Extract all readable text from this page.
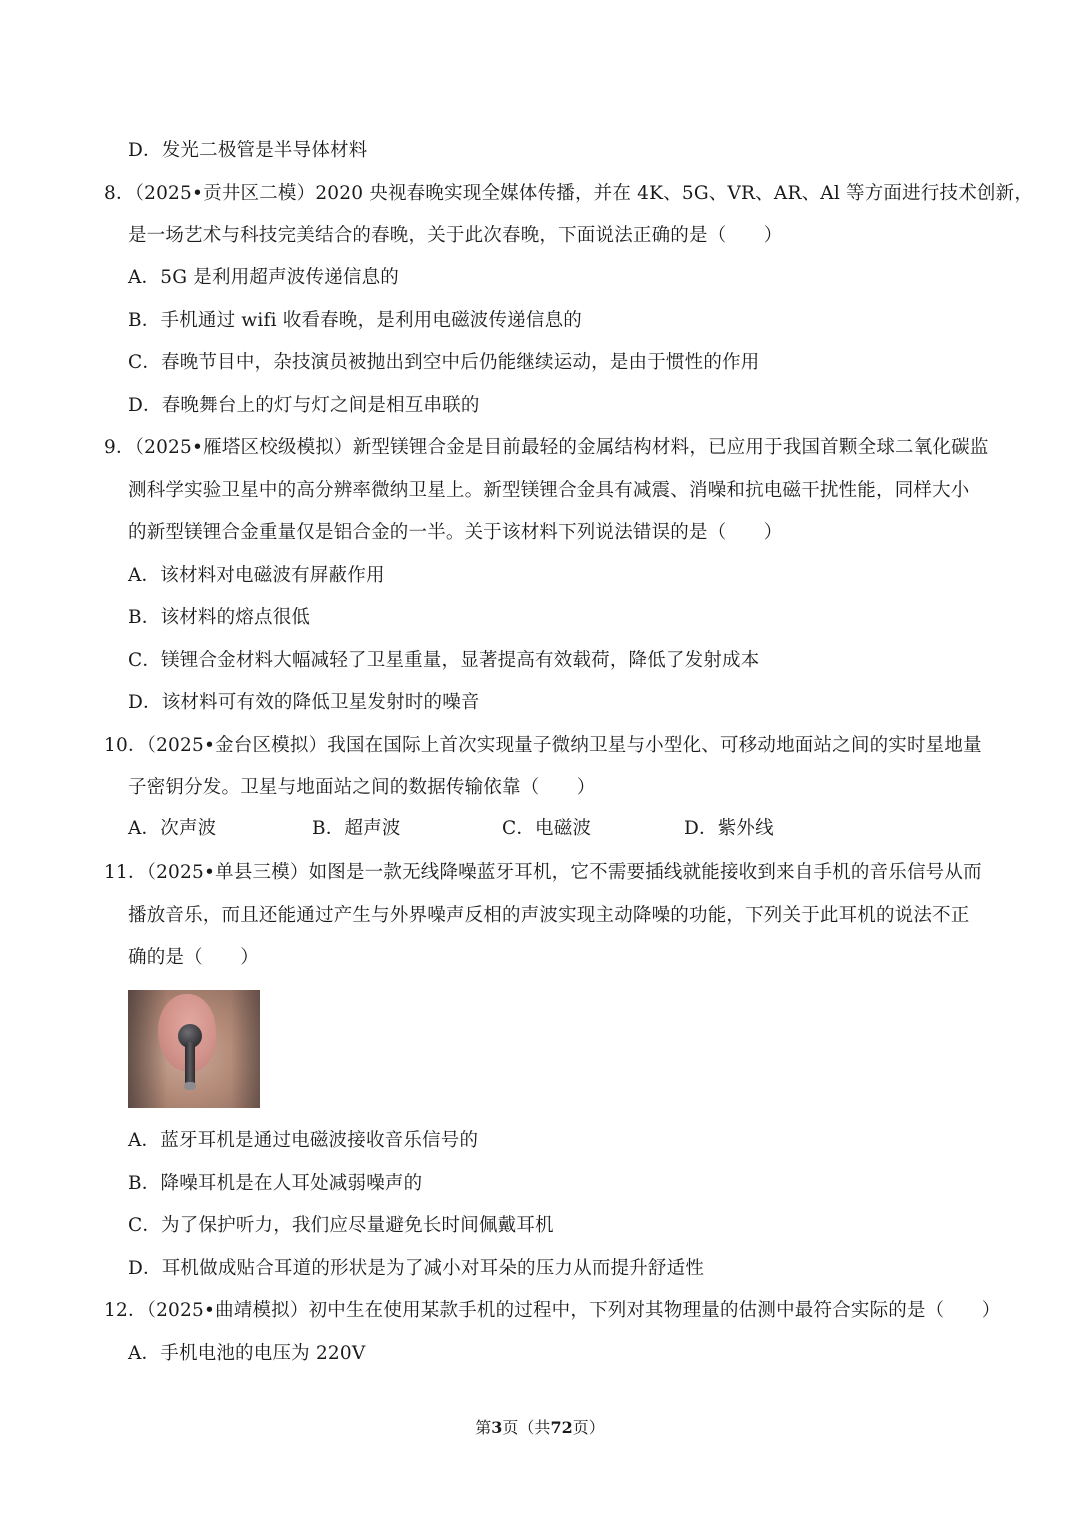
D．发光二极管是半导体材料
8．（2025•贡井区二模）2020 央视春晚实现全媒体传播，并在 4K、5G、VR、AR、Al 等方面进行技术创新，
是一场艺术与科技完美结合的春晚，关于此次春晚，下面说法正确的是（　　）
A．5G 是利用超声波传递信息的
B．手机通过 wifi 收看春晚，是利用电磁波传递信息的
C．春晚节目中，杂技演员被抛出到空中后仍能继续运动，是由于惯性的作用
D．春晚舞台上的灯与灯之间是相互串联的
9．（2025•雁塔区校级模拟）新型镁锂合金是目前最轻的金属结构材料，已应用于我国首颗全球二氧化碳监
测科学实验卫星中的高分辨率微纳卫星上。新型镁锂合金具有减震、消噪和抗电磁干扰性能，同样大小
的新型镁锂合金重量仅是铝合金的一半。关于该材料下列说法错误的是（　　）
A．该材料对电磁波有屏蔽作用
B．该材料的熔点很低
C．镁锂合金材料大幅减轻了卫星重量，显著提高有效载荷，降低了发射成本
D．该材料可有效的降低卫星发射时的噪音
10．（2025•金台区模拟）我国在国际上首次实现量子微纳卫星与小型化、可移动地面站之间的实时星地量
子密钥分发。卫星与地面站之间的数据传输依靠（　　）
11．（2025•单县三模）如图是一款无线降噪蓝牙耳机，它不需要插线就能接收到来自手机的音乐信号从而
播放音乐，而且还能通过产生与外界噪声反相的声波实现主动降噪的功能，下列关于此耳机的说法不正
确的是（　　）
A．蓝牙耳机是通过电磁波接收音乐信号的
B．降噪耳机是在人耳处减弱噪声的
C．为了保护听力，我们应尽量避免长时间佩戴耳机
D．耳机做成贴合耳道的形状是为了减小对耳朵的压力从而提升舒适性
12．（2025•曲靖模拟）初中生在使用某款手机的过程中，下列对其物理量的估测中最符合实际的是（　　）
A．手机电池的电压为 220V
A．次声波	B．超声波	C．电磁波	D．紫外线
第3页（共72页）
